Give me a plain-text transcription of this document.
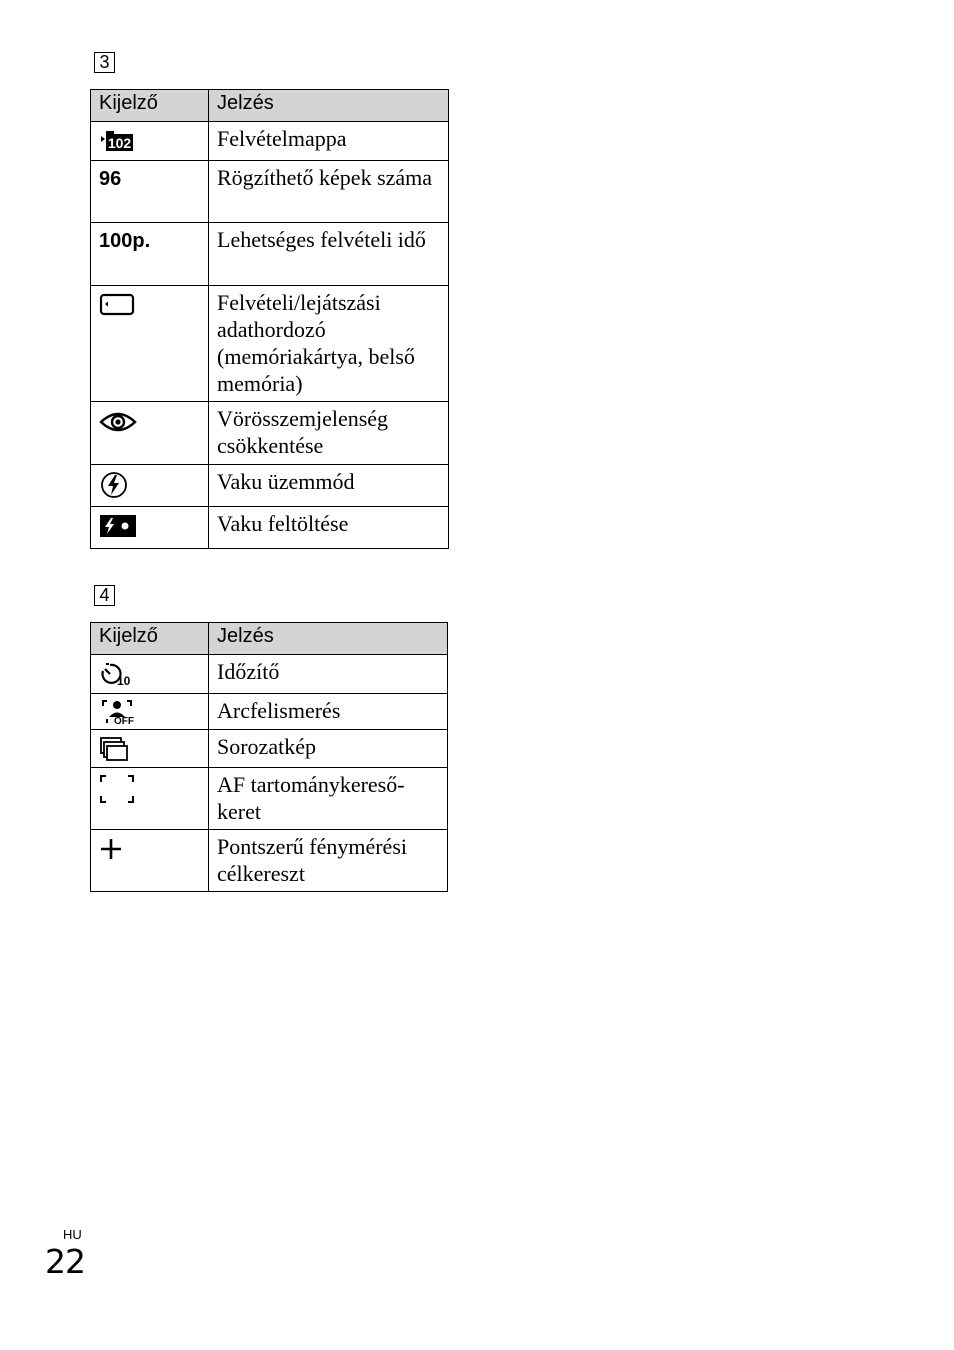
3
Kijelző	Jelzés

102	Felvételmappa
96	Rögzíthető képek száma
100p.	Lehetséges felvételi idő

	Felvételi/lejátszási adathordozó (memóriakártya, belső memória)

	Vörösszemjelenség csökkentése

	Vaku üzemmód

	Vaku feltöltése
4
Kijelző	Jelzés

10	Időzítő

OFF	Arcfelismerés

	Sorozatkép

	AF tartománykereső-keret

	Pontszerű fénymérési célkereszt
HU
22
